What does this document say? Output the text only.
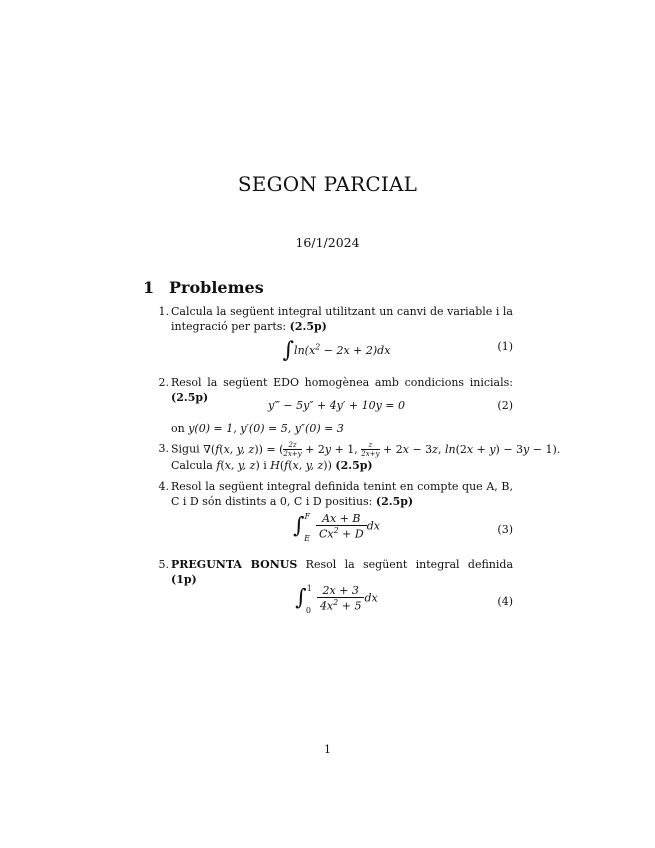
SEGON PARCIAL
16/1/2024
1 Problemes
1. Calcula la següent integral utilitzant un canvi de variable i la integració per parts: (2.5p)
$\int\ln(x^2 - 2x + 2)dx$	(1)
2. Resol la següent EDO homogènea amb condicions inicials: (2.5p)
y‴ − 5y″ + 4y′ + 10y = 0	(2)
on y(0) = 1, y′(0) = 5, y″(0) = 3
3. Sigui ∇(f(x, y, z)) = ( $\frac{2z}{2x+y} + 2y + 1$, $\frac{z}{2x+y} + 2x - 3z$, ln(2x + y) − 3y − 1).
Calcula f(x, y, z) i H(f(x, y, z)) (2.5p)
4. Resol la següent integral definida tenint en compte que A, B, C i D són distints a 0, C i D positius: (2.5p)
$\int^F_E \frac{Ax + B}{Cx^2 + D}$ dx	(3)
5. PREGUNTA BONUS Resol la següent integral definida (1p)
$\int^1_0 \frac{2x + 3}{4x^2 + 5}$ dx	(4)
1
